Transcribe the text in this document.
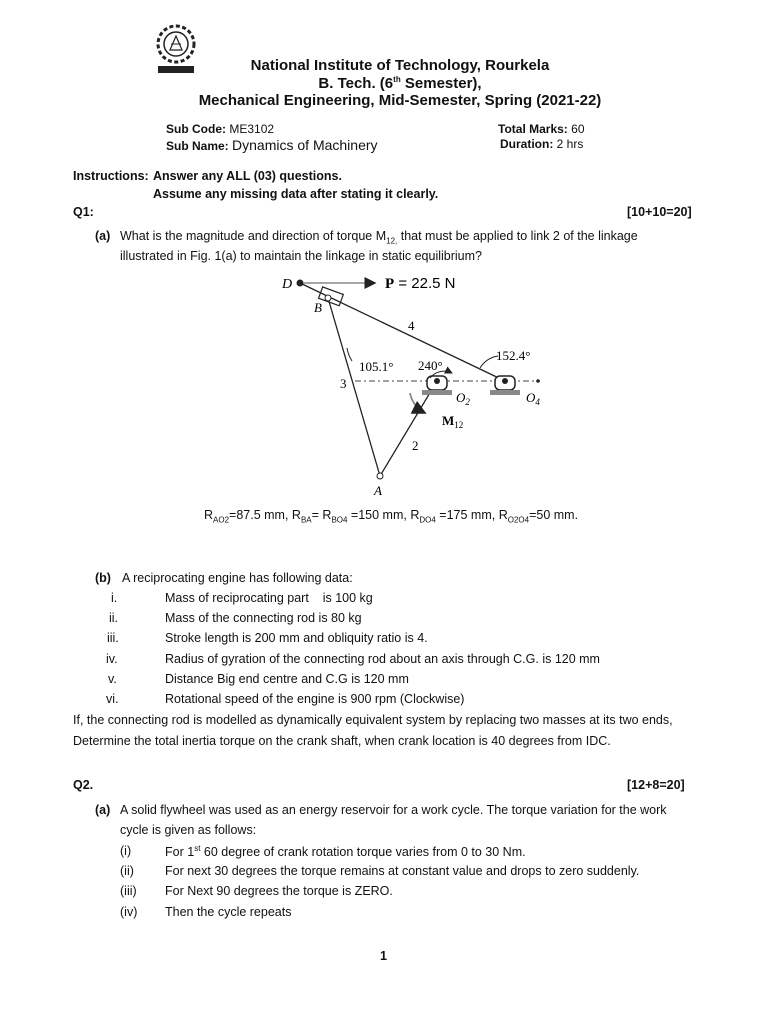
National Institute of Technology, Rourkela
B. Tech. (6th Semester),
Mechanical Engineering, Mid-Semester, Spring (2021-22)
Sub Code: ME3102
Sub Name: Dynamics of Machinery
Total Marks: 60
Duration: 2 hrs
Instructions: Answer any ALL (03) questions.
Assume any missing data after stating it clearly.
Q1:	[10+10=20]
(a) What is the magnitude and direction of torque $M_{12,}$ that must be applied to link 2 of the linkage
illustrated in Fig. 1(a) to maintain the linkage in static equilibrium?
D	P = 22.5 N
B
A
4
3
2
105.1° 240°
152.4°
$O_2$	$O_4$
$M_{12}$
$R_{AO2}=87.5$ mm, $R_{BA}= R_{BO4} =150$ mm, $R_{DO4} =175$ mm, $R_{O2O4}=50$ mm.
(b) A reciprocating engine has following data:
i.	Mass of reciprocating part    is 100 kg
ii.	Mass of the connecting rod is 80 kg
iii.	Stroke length is 200 mm and obliquity ratio is 4.
iv.	Radius of gyration of the connecting rod about an axis through C.G. is 120 mm
v.	Distance Big end centre and C.G is 120 mm
vi.	Rotational speed of the engine is 900 rpm (Clockwise)
If, the connecting rod is modelled as dynamically equivalent system by replacing two masses at its two ends,
Determine the total inertia torque on the crank shaft, when crank location is 40 degrees from IDC.
Q2.	[12+8=20]
(a) A solid flywheel was used as an energy reservoir for a work cycle. The torque variation for the work
cycle is given as follows:
(i)	For 1st 60 degree of crank rotation torque varies from 0 to 30 Nm.
(ii) For next 30 degrees the torque remains at constant value and drops to zero suddenly.
(iii) For Next 90 degrees the torque is ZERO.
(iv) Then the cycle repeats
1
